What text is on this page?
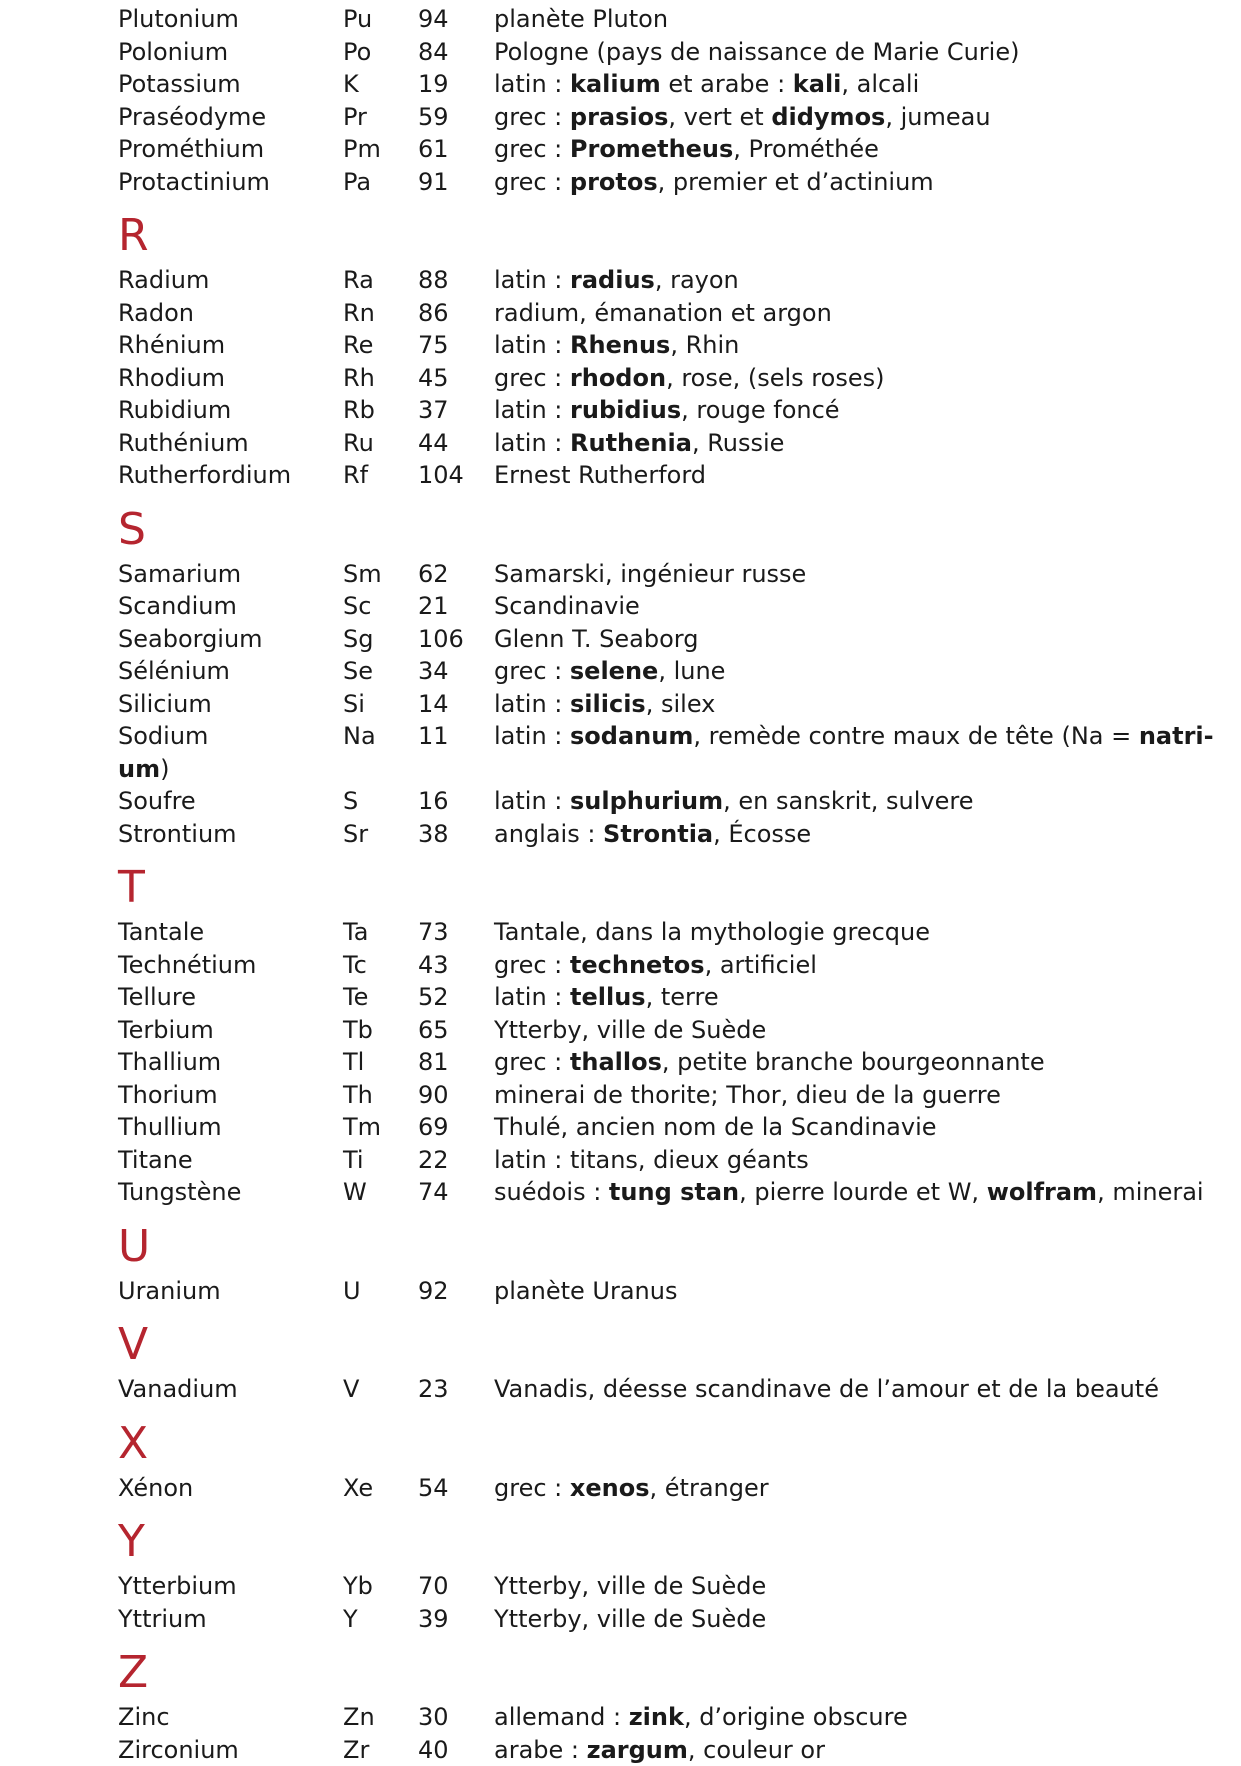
Plutonium	Pu 94 planète Pluton
Polonium	Po 84 Pologne (pays de naissance de Marie Curie)
Potassium	K 19 latin : kalium et arabe : kali, alcali
Praséodyme	Pr 59 grec : prasios, vert et didymos, jumeau
Prométhium	Pm 61 grec : Prometheus, Prométhée
Protactinium	Pa 91 grec : protos, premier et d’actinium
R
Radium	Ra 88 latin : radius, rayon
Radon	Rn 86 radium, émanation et argon
Rhénium	Re 75 latin : Rhenus, Rhin
Rhodium	Rh 45 grec : rhodon, rose, (sels roses)
Rubidium	Rb 37 latin : rubidius, rouge foncé
Ruthénium	Ru 44 latin : Ruthenia, Russie
Rutherfordium Rf 104 Ernest Rutherford
S
Samarium	Sm 62 Samarski, ingénieur russe
Scandium	Sc 21 Scandinavie
Seaborgium	Sg 106 Glenn T. Seaborg
Sélénium	Se 34 grec : selene, lune
Silicium	Si 14 latin : silicis, silex
Sodium	Na 11 latin : sodanum, remède contre maux de tête (Na = natri-
um)
Soufre	S 16 latin : sulphurium, en sanskrit, sulvere
Strontium	Sr 38 anglais : Strontia, Écosse
T
Tantale	Ta 73 Tantale, dans la mythologie grecque
Technétium	Tc 43 grec : technetos, artificiel
Tellure	Te 52 latin : tellus, terre
Terbium	Tb 65 Ytterby, ville de Suède
Thallium	Tl 81 grec : thallos, petite branche bourgeonnante
Thorium	Th 90 minerai de thorite; Thor, dieu de la guerre
Thullium	Tm 69 Thulé, ancien nom de la Scandinavie
Titane	Ti 22 latin : titans, dieux géants
Tungstène	W 74 suédois : tung stan, pierre lourde et W, wolfram, minerai
U
Uranium	U 92 planète Uranus
V
Vanadium	V 23 Vanadis, déesse scandinave de l’amour et de la beauté
X
Xénon	Xe 54 grec : xenos, étranger
Y
Ytterbium	Yb 70 Ytterby, ville de Suède
Yttrium	Y	39 Ytterby, ville de Suède
Z
Zinc	Zn 30 allemand : zink, d’origine obscure
Zirconium	Zr 40 arabe : zargum, couleur or
